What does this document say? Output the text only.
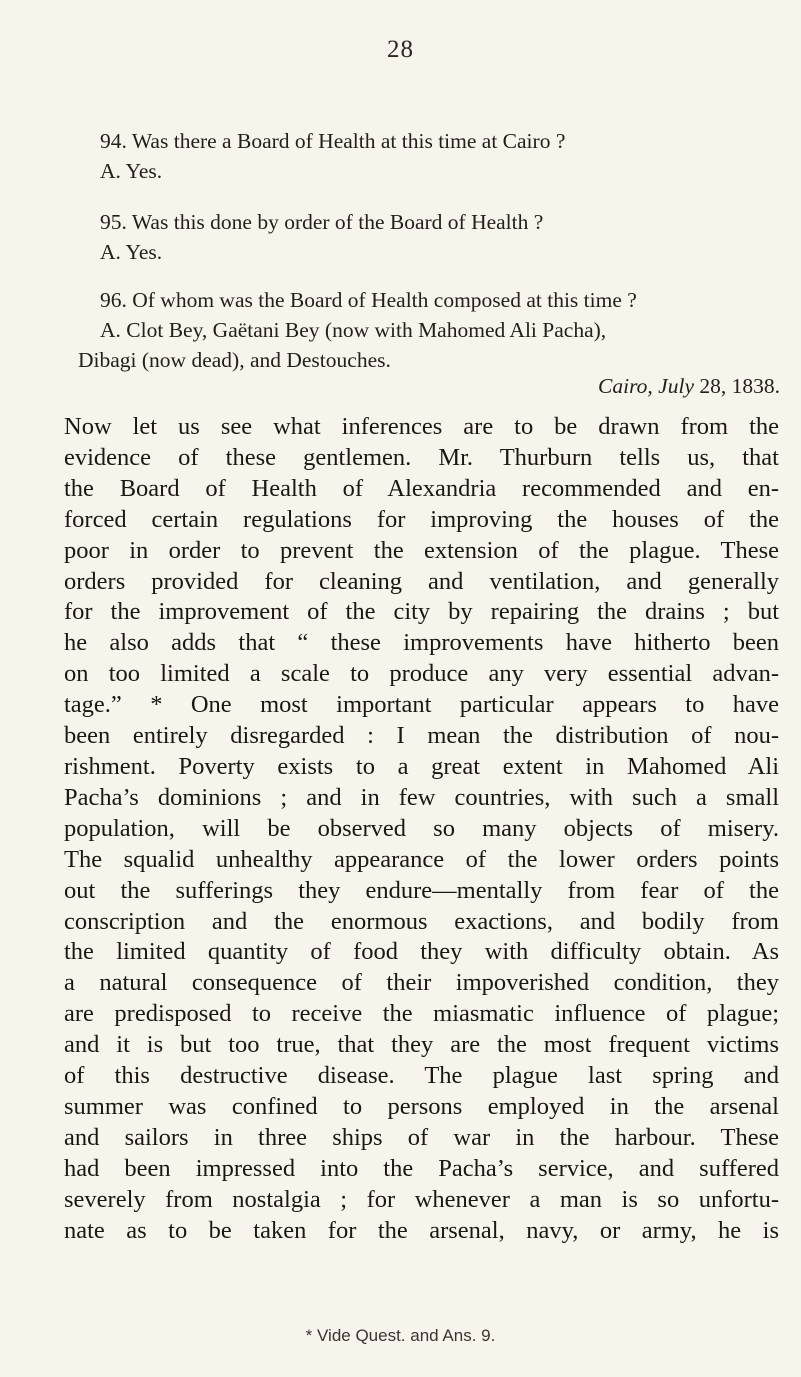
28
94. Was there a Board of Health at this time at Cairo ?
A. Yes.
95. Was this done by order of the Board of Health ?
A. Yes.
96. Of whom was the Board of Health composed at this time ?
A. Clot Bey, Gaëtani Bey (now with Mahomed Ali Pacha),
Dibagi (now dead), and Destouches.
Cairo, July 28, 1838.
Now let us see what inferences are to be drawn from the
evidence of these gentlemen. Mr. Thurburn tells us, that
the Board of Health of Alexandria recommended and en-
forced certain regulations for improving the houses of the
poor in order to prevent the extension of the plague. These
orders provided for cleaning and ventilation, and generally
for the improvement of the city by repairing the drains ; but
he also adds that “ these improvements have hitherto been
on too limited a scale to produce any very essential advan-
tage.” * One most important particular appears to have
been entirely disregarded : I mean the distribution of nou-
rishment. Poverty exists to a great extent in Mahomed Ali
Pacha’s dominions ; and in few countries, with such a small
population, will be observed so many objects of misery.
The squalid unhealthy appearance of the lower orders points
out the sufferings they endure—mentally from fear of the
conscription and the enormous exactions, and bodily from
the limited quantity of food they with difficulty obtain. As
a natural consequence of their impoverished condition, they
are predisposed to receive the miasmatic influence of plague;
and it is but too true, that they are the most frequent victims
of this destructive disease. The plague last spring and
summer was confined to persons employed in the arsenal
and sailors in three ships of war in the harbour. These
had been impressed into the Pacha’s service, and suffered
severely from nostalgia ; for whenever a man is so unfortu-
nate as to be taken for the arsenal, navy, or army, he is
* Vide Quest. and Ans. 9.
